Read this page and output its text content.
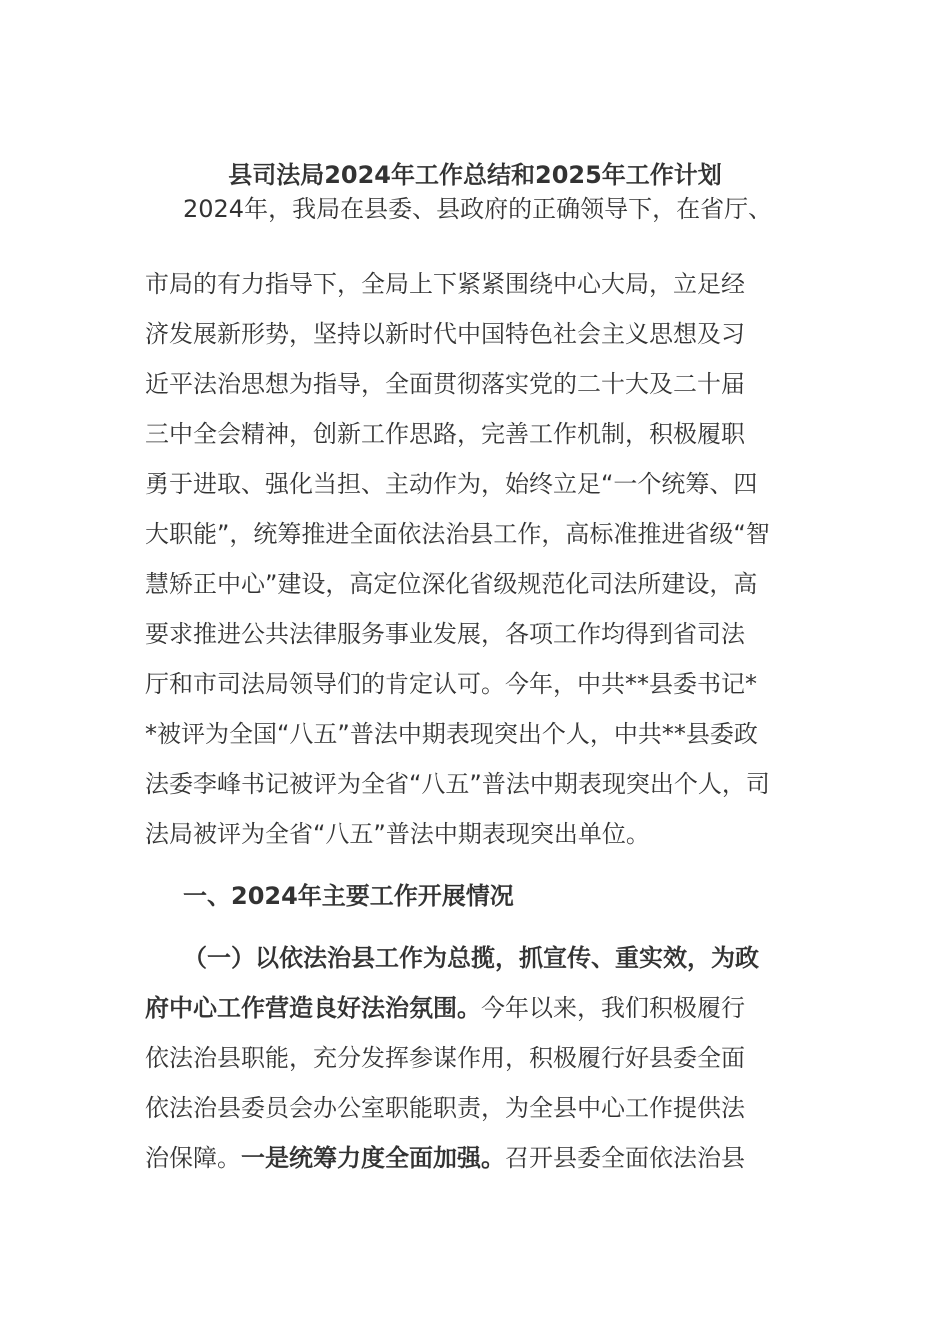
县司法局2024年工作总结和2025年工作计划
2024年，我局在县委、县政府的正确领导下，在省厅、
市局的有力指导下，全局上下紧紧围绕中心大局，立足经
济发展新形势，坚持以新时代中国特色社会主义思想及习
近平法治思想为指导，全面贯彻落实党的二十大及二十届
三中全会精神，创新工作思路，完善工作机制，积极履职
勇于进取、强化当担、主动作为，始终立足“一个统筹、四
大职能”，统筹推进全面依法治县工作，高标准推进省级“智
慧矫正中心”建设，高定位深化省级规范化司法所建设，高
要求推进公共法律服务事业发展，各项工作均得到省司法
厅和市司法局领导们的肯定认可。今年，中共**县委书记*
*被评为全国“八五”普法中期表现突出个人，中共**县委政
法委李峰书记被评为全省“八五”普法中期表现突出个人，司
法局被评为全省“八五”普法中期表现突出单位。
一、2024年主要工作开展情况
（一）以依法治县工作为总揽，抓宣传、重实效，为政
府中心工作营造良好法治氛围。今年以来，我们积极履行
依法治县职能，充分发挥参谋作用，积极履行好县委全面
依法治县委员会办公室职能职责，为全县中心工作提供法
治保障。一是统筹力度全面加强。召开县委全面依法治县
